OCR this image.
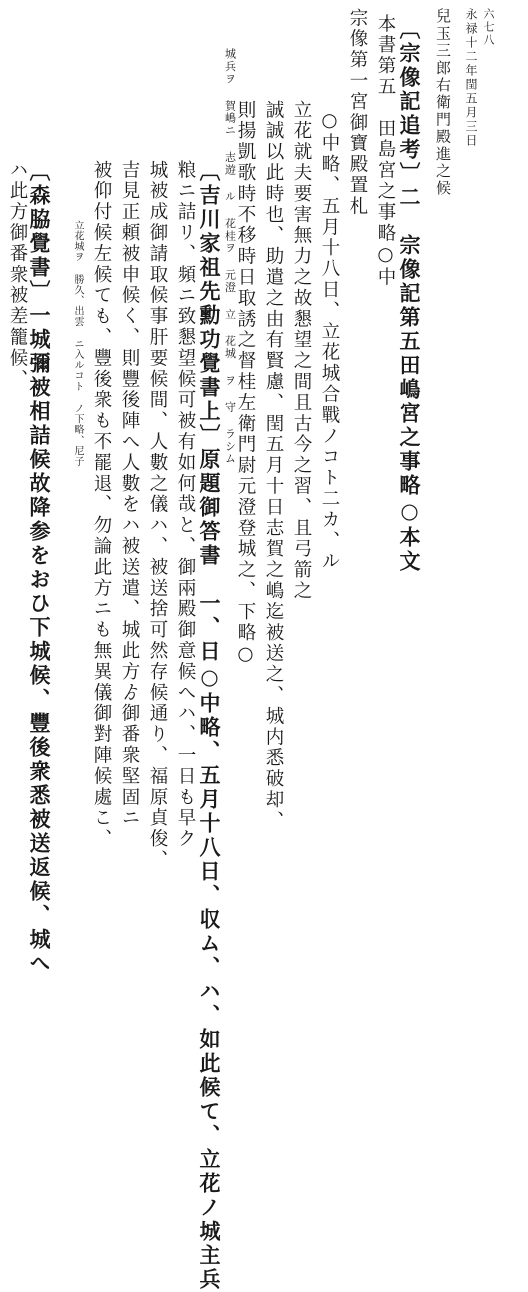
六七八
永禄十二年閏五月三日
兒玉三郎右衛門殿進之候
〔宗像記追考〕二　宗像記第五田嶋宮之事略○本文
本書第五　田島宮之事略○中
宗像第一宮御寶殿置札
○中略、五月十八日、立花城合戰ノコト二カ、ル
立花就夫要害無力之故懇望之間且古今之習、且弓箭之
誠誠以此時也、助遣之由有賢慮、閏五月十日志賀之嶋迄被送之、城内悉破却、
則揚凱歌時不移時日取誘之督桂左衛門尉元澄登城之、下略○
〔吉川家祖先勳功覺書上〕原題御答書　一、日○中略、五月十八日、収ム、ハ、如此候て、立花ノ城主兵
粮ニ詰リ、頻ニ致懇望候可被有如何哉と、御兩殿御意候へハ、一日も早ク
城被成御請取候事肝要候間、人數之儀ハ、被送捨可然存候通り、福原貞俊、
吉見正頼被申候く、則豐後陣へ人數をハ被送遣、城此方ゟ御番衆堅固ニ
被仰付候左候ても、豐後衆も不罷退、勿論此方ニも無異儀御對陣候處こ、
立花城ヲ 勝久、出雲 ニ入ルコト ノ下略、尼子
〔森脇覺書〕一城彌被相詰候故降参をおひ下城候、豐後衆悉被送返候、城へ
ハ此方御番衆被差籠候、
城兵ヲ 賀嶋ニ 志遊 ル 花桂ヲ 元澄 立 花城 ヲ 守 ラシム
